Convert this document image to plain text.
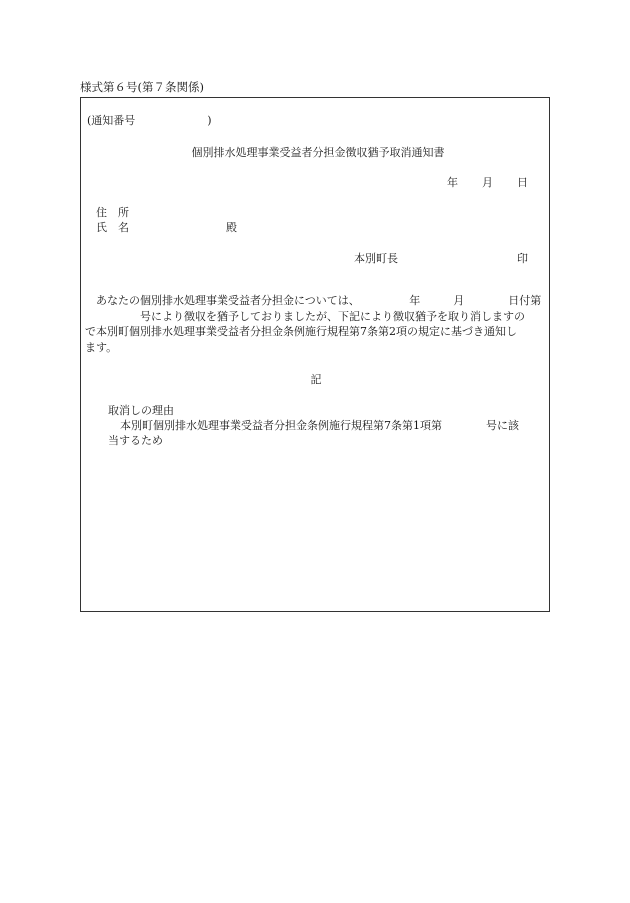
様式第６号(第７条関係)
(通知番号	)
個別排水処理事業受益者分担金徴収猶予取消通知書
年 月 日
住　所
氏　名	殿
本別町長	印
　あなたの個別排水処理事業受益者分担金については、　　　　　年　　　月　　　　日付第
　　　　　号により徴収を猶予しておりましたが、下記により徴収猶予を取り消しますの
で本別町個別排水処理事業受益者分担金条例施行規程第7条第2項の規定に基づき通知し
ます。
記
取消しの理由
本別町個別排水処理事業受益者分担金条例施行規程第7条第1項第　　　　号に該
当するため
